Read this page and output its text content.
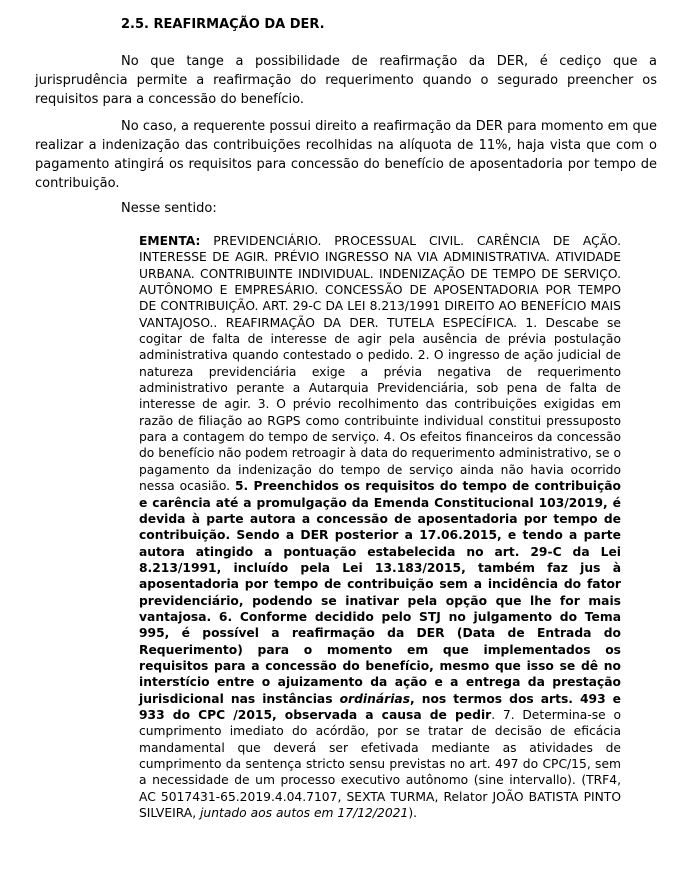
2.5. REAFIRMAÇÃO DA DER.

No que tange a possibilidade de reafirmação da DER, é cediço que a jurisprudência permite a reafirmação do requerimento quando o segurado preencher os requisitos para a concessão do benefício.

No caso, a requerente possui direito a reafirmação da DER para momento em que realizar a indenização das contribuições recolhidas na alíquota de 11%, haja vista que com o pagamento atingirá os requisitos para concessão do benefício de aposentadoria por tempo de contribuição.

Nesse sentido:

EMENTA: PREVIDENCIÁRIO. PROCESSUAL CIVIL. CARÊNCIA DE AÇÃO. INTERESSE DE AGIR. PRÉVIO INGRESSO NA VIA ADMINISTRATIVA. ATIVIDADE URBANA. CONTRIBUINTE INDIVIDUAL. INDENIZAÇÃO DE TEMPO DE SERVIÇO. AUTÔNOMO E EMPRESÁRIO. CONCESSÃO DE APOSENTADORIA POR TEMPO DE CONTRIBUIÇÃO. ART. 29-C DA LEI 8.213/1991 DIREITO AO BENEFÍCIO MAIS VANTAJOSO.. REAFIRMAÇÃO DA DER. TUTELA ESPECÍFICA. 1. Descabe se cogitar de falta de interesse de agir pela ausência de prévia postulação administrativa quando contestado o pedido. 2. O ingresso de ação judicial de natureza previdenciária exige a prévia negativa de requerimento administrativo perante a Autarquia Previdenciária, sob pena de falta de interesse de agir. 3. O prévio recolhimento das contribuições exigidas em razão de filiação ao RGPS como contribuinte individual constitui pressuposto para a contagem do tempo de serviço. 4. Os efeitos financeiros da concessão do benefício não podem retroagir à data do requerimento administrativo, se o pagamento da indenização do tempo de serviço ainda não havia ocorrido nessa ocasião. 5. Preenchidos os requisitos do tempo de contribuição e carência até a promulgação da Emenda Constitucional 103/2019, é devida à parte autora a concessão de aposentadoria por tempo de contribuição. Sendo a DER posterior a 17.06.2015, e tendo a parte autora atingido a pontuação estabelecida no art. 29-C da Lei 8.213/1991, incluído pela Lei 13.183/2015, também faz jus à aposentadoria por tempo de contribuição sem a incidência do fator previdenciário, podendo se inativar pela opção que lhe for mais vantajosa. 6. Conforme decidido pelo STJ no julgamento do Tema 995, é possível a reafirmação da DER (Data de Entrada do Requerimento) para o momento em que implementados os requisitos para a concessão do benefício, mesmo que isso se dê no interstício entre o ajuizamento da ação e a entrega da prestação jurisdicional nas instâncias ordinárias, nos termos dos arts. 493 e 933 do CPC /2015, observada a causa de pedir. 7. Determina-se o cumprimento imediato do acórdão, por se tratar de decisão de eficácia mandamental que deverá ser efetivada mediante as atividades de cumprimento da sentença stricto sensu previstas no art. 497 do CPC/15, sem a necessidade de um processo executivo autônomo (sine intervallo). (TRF4, AC 5017431-65.2019.4.04.7107, SEXTA TURMA, Relator JOÃO BATISTA PINTO SILVEIRA, juntado aos autos em 17/12/2021).
